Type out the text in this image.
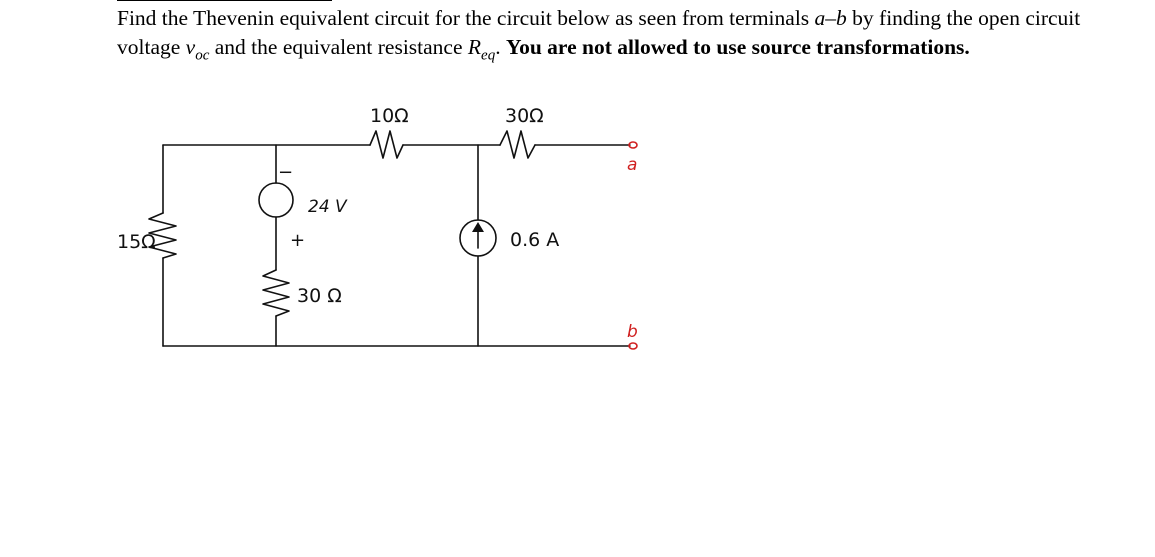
Find the Thevenin equivalent circuit for the circuit below as seen from terminals a–b by finding the open circuit voltage $v_{oc}$ and the equivalent resistance $R_{eq}$. You are not allowed to use source transformations.
10Ω	30Ω
15Ω
−
24 V
+
30 Ω
0.6 A
a
b
